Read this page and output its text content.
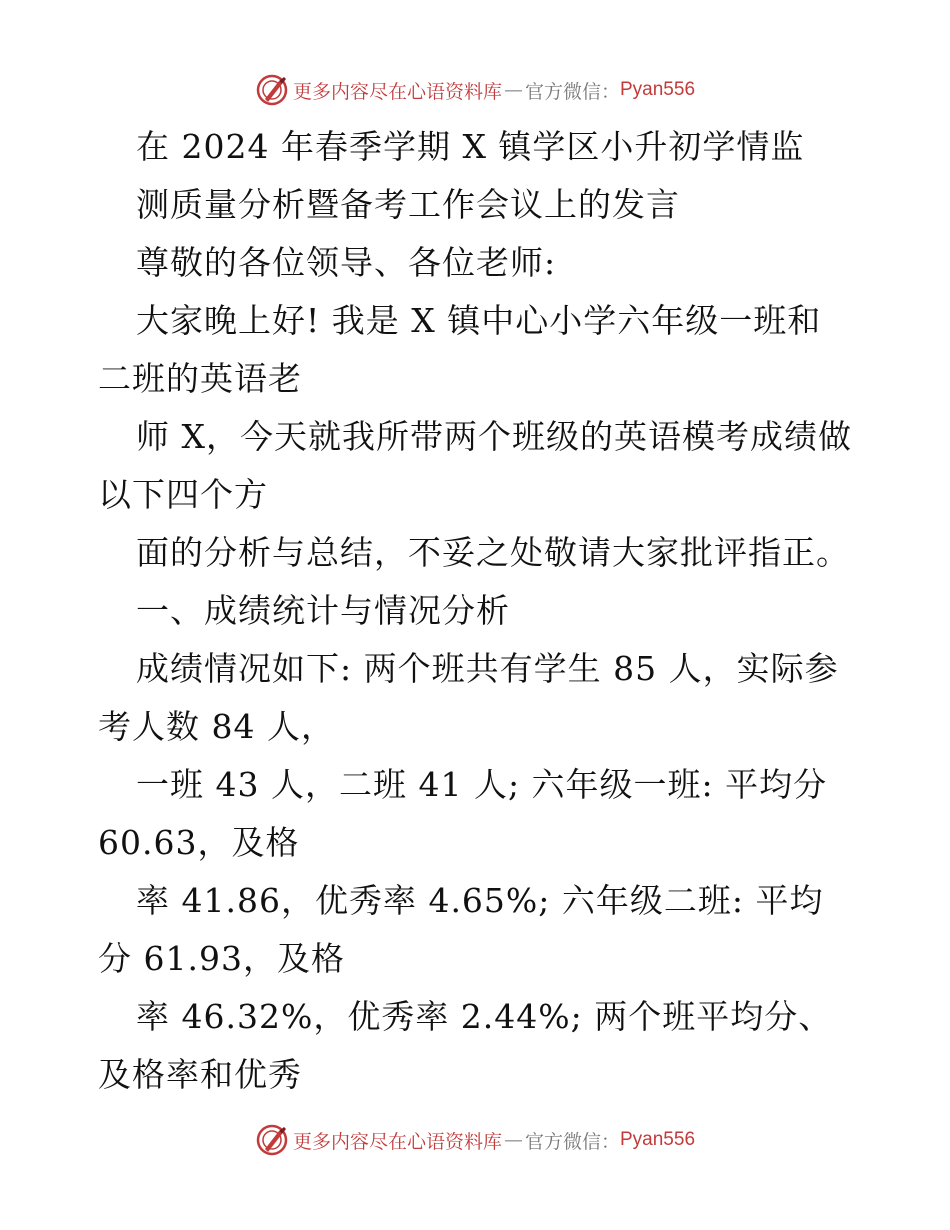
更多内容尽在心语资料库 — 官方微信： Pyan556
在 2024 年春季学期 X 镇学区小升初学情监
测质量分析暨备考工作会议上的发言
尊敬的各位领导、各位老师:
大家晚上好! 我是 X 镇中心小学六年级一班和
二班的英语老
师 X，今天就我所带两个班级的英语模考成绩做
以下四个方
面的分析与总结，不妥之处敬请大家批评指正。
一、成绩统计与情况分析
成绩情况如下: 两个班共有学生 85 人，实际参
考人数 84 人，
一班 43 人，二班 41 人; 六年级一班: 平均分
60.63，及格
率 41.86，优秀率 4.65%; 六年级二班: 平均
分 61.93，及格
率 46.32%，优秀率 2.44%; 两个班平均分、
及格率和优秀
更多内容尽在心语资料库 — 官方微信： Pyan556
